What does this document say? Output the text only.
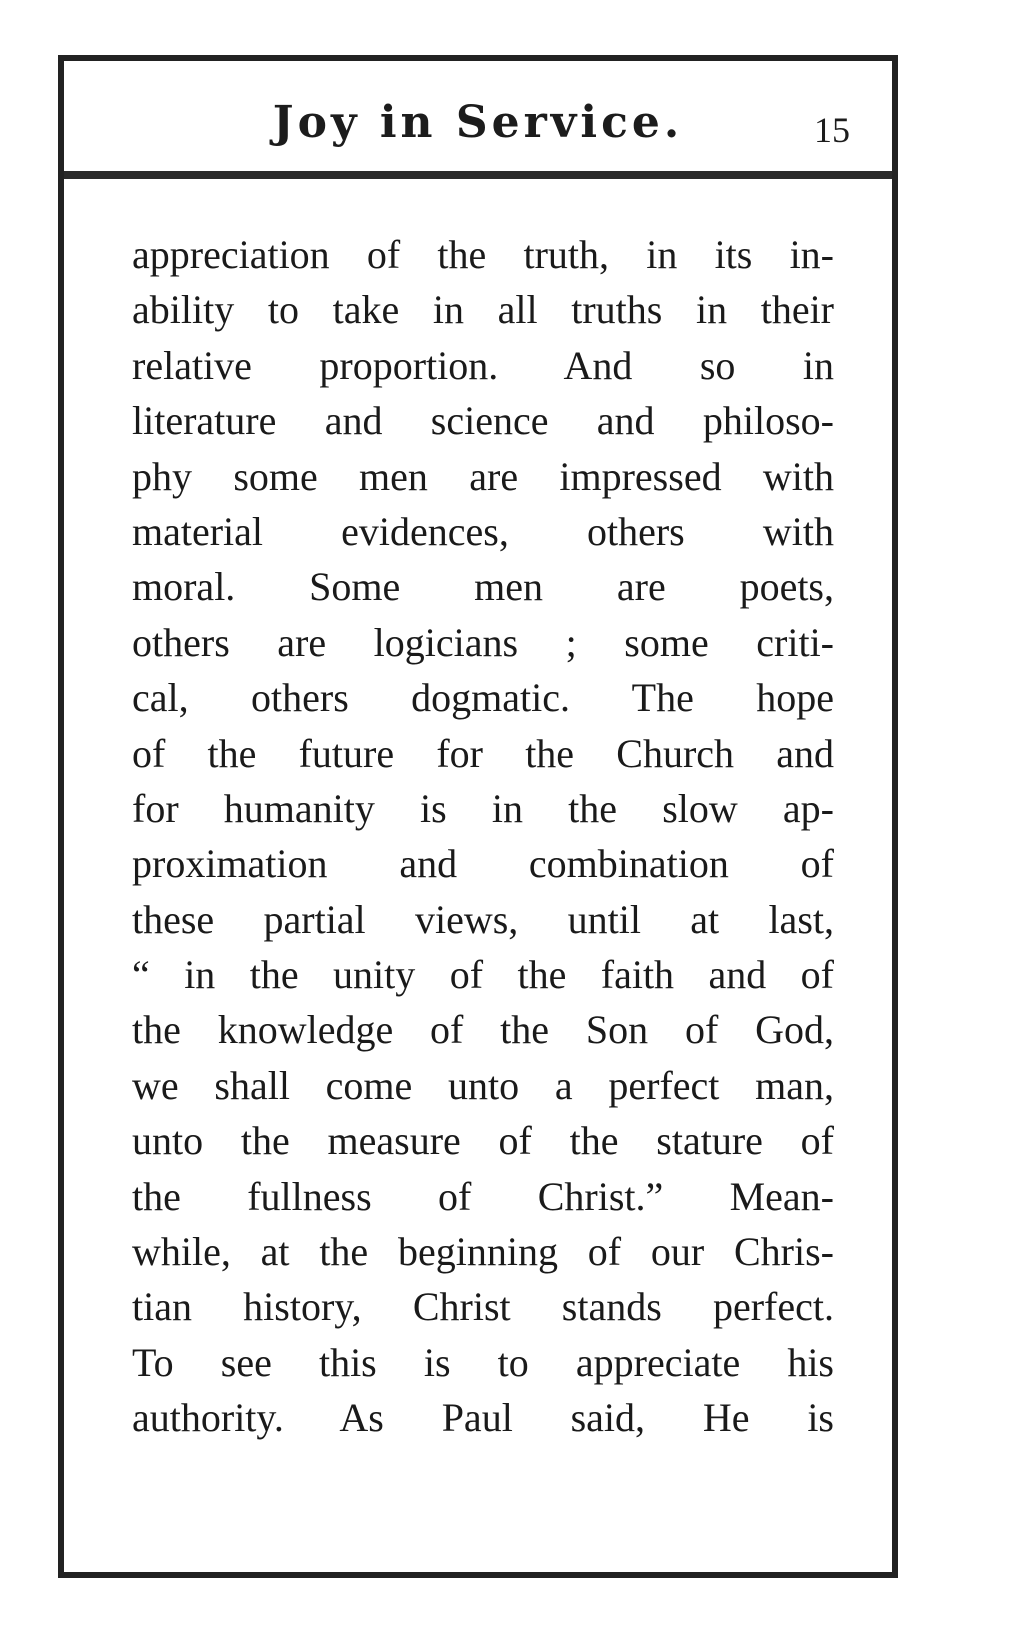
Joy in Service.	15
appreciation of the truth, in its in-
ability to take in all truths in their
relative proportion. And so in
literature and science and philoso-
phy some men are impressed with
material evidences, others with
moral. Some men are poets,
others are logicians ; some criti-
cal, others dogmatic. The hope
of the future for the Church and
for humanity is in the slow ap-
proximation and combination of
these partial views, until at last,
“ in the unity of the faith and of
the knowledge of the Son of God,
we shall come unto a perfect man,
unto the measure of the stature of
the fullness of Christ.” Mean-
while, at the beginning of our Chris-
tian history, Christ stands perfect.
To see this is to appreciate his
authority. As Paul said, He is
